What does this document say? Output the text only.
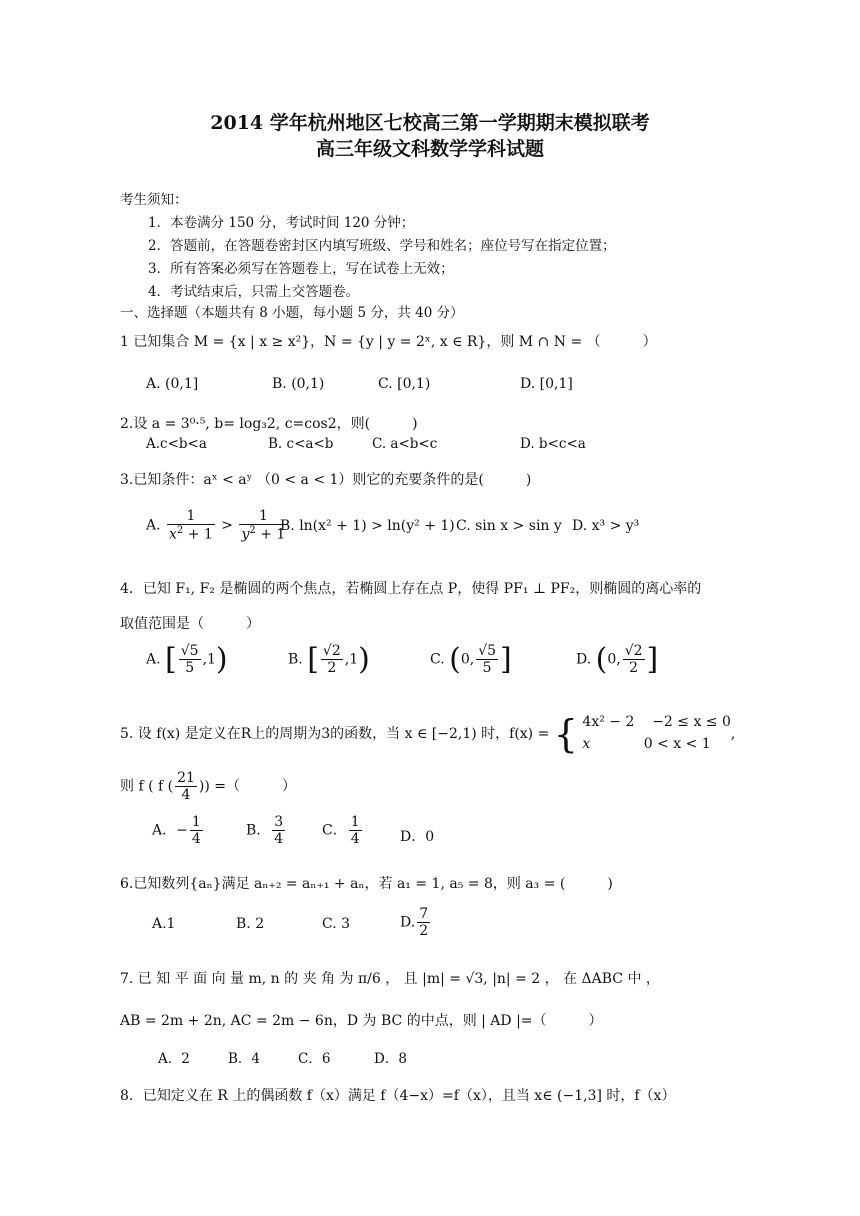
2014 学年杭州地区七校高三第一学期期末模拟联考
高三年级文科数学学科试题
考生须知：
1．本卷满分 150 分，考试时间 120 分钟；
2．答题前，在答题卷密封区内填写班级、学号和姓名；座位号写在指定位置；
3．所有答案必须写在答题卷上，写在试卷上无效；
4．考试结束后，只需上交答题卷。
一、选择题（本题共有 8 小题，每小题 5 分，共 40 分）
1 已知集合 M = {x | x ≥ x²}，N = {y | y = 2ˣ, x ∈ R}，则 M ∩ N = （　　　）
A. (0,1]	B. (0,1)	C. [0,1)	D. [0,1]
2.设 a = 3⁰·⁵, b= log₃2, c=cos2，则(　　　)
A.c<b<a	B. c<a<b	C. a<b<c	D. b<c<a
3.已知条件：aˣ < aʸ （0 < a < 1）则它的充要条件的是(　　　)
A. $\frac{1}{x^2 + 1} > \frac{1}{y^2 + 1}$
B. ln(x² + 1) > ln(y² + 1) C. sin x > sin y D. x³ > y³
4．已知 F₁, F₂ 是椭圆的两个焦点，若椭圆上存在点 P，使得 PF₁ ⊥ PF₂，则椭圆的离心率的
取值范围是（　　　）
A. [ $\frac{√5}{5} ,1$)	B. [ $\frac{√2}{2} ,1$)	C. (0, $\frac{√5}{5}$ ]	D. (0, $\frac{√2}{2}$ ]
5. 设 f(x) 是定义在R上的周期为3的函数，当 x ∈ [−2,1) 时，f(x) = { 4x² − 2 −2 ≤ x ≤ 0
x	0 < x < 1
,
则 f ( f ( $\frac{21}{4}$ )) =（　　　）
A．− $\frac{1}{4}$	B． $\frac{3}{4}$	C． $\frac{1}{4}$	D．0
6.已知数列{aₙ}满足 aₙ₊₂ = aₙ₊₁ + aₙ，若 a₁ = 1, a₅ = 8，则 a₃ = (　　　)
A.1	B. 2	C. 3	D. $\frac{7}{2}$
7. 已 知 平 面 向 量 m, n 的 夹 角 为 π/6 ， 且 |m| = √3, |n| = 2 ， 在 ΔABC 中 ，
AB = 2m + 2n, AC = 2m − 6n，D 为 BC 的中点，则 | AD |=（　　　）
A．2	B．4	C．6	D．8
8．已知定义在 R 上的偶函数 f（x）满足 f（4−x）=f（x），且当 x∈ (−1,3] 时，f（x）
